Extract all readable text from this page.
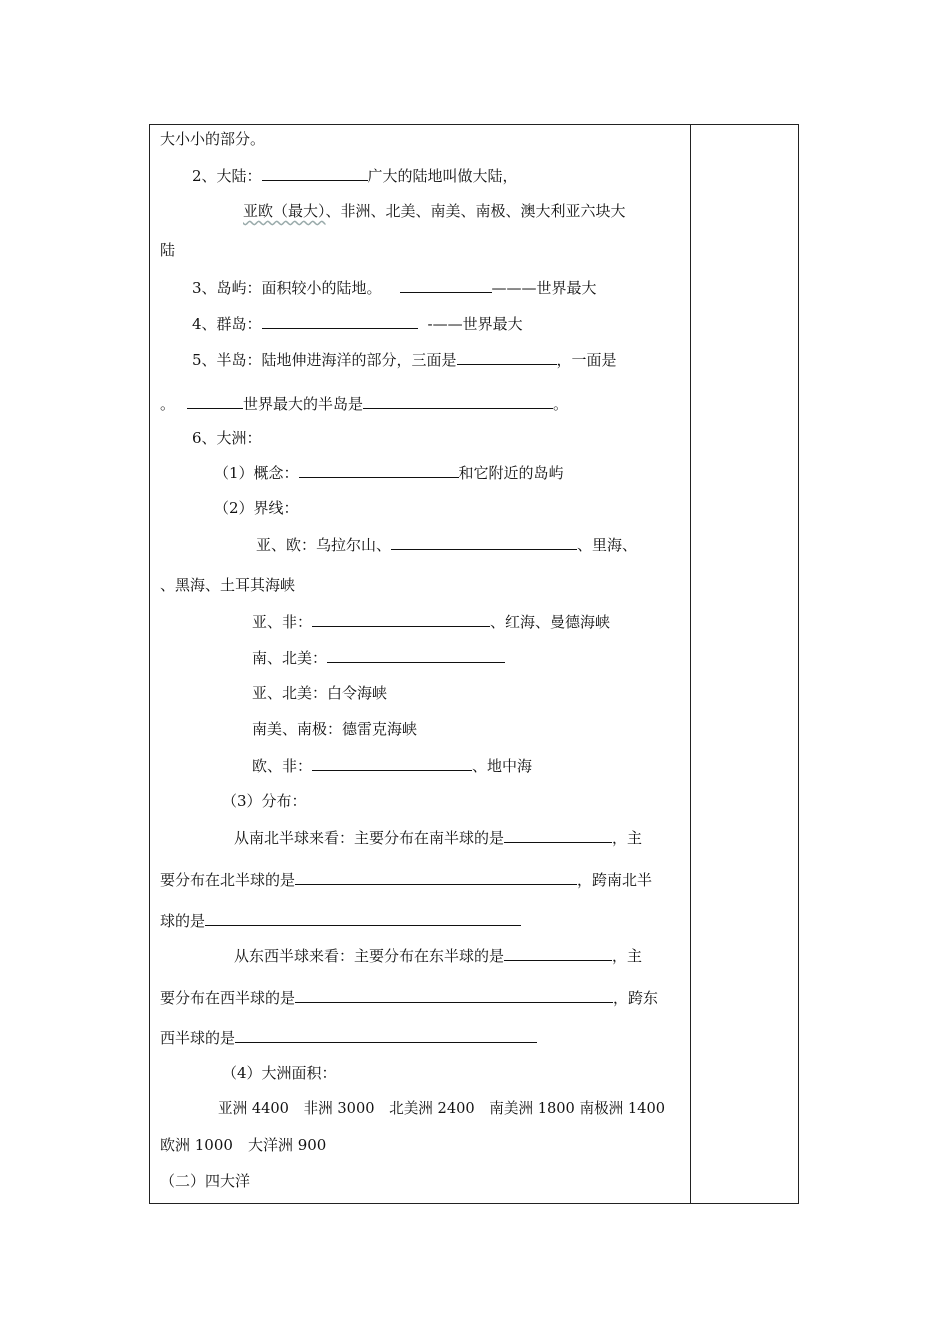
大小小的部分。
2、大陆：	广大的陆地叫做大陆，
亚欧（最大）、非洲、北美、南美、南极、澳大利亚六块大
陆
3、岛屿：面积较小的陆地。	———世界最大
4、群岛：	-——世界最大
5、半岛：陆地伸进海洋的部分，三面是	，一面是
。	世界最大的半岛是	。
6、大洲：
（1）概念：	和它附近的岛屿
（2）界线：
亚、欧：乌拉尔山、	、里海、
、黑海、土耳其海峡
亚、非：	、红海、曼德海峡
南、北美：
亚、北美：白令海峡
南美、南极：德雷克海峡
欧、非：	、地中海
（3）分布：
从南北半球来看：主要分布在南半球的是	，主
要分布在北半球的是	，跨南北半
球的是
从东西半球来看：主要分布在东半球的是	，主
要分布在西半球的是	，跨东
西半球的是
（4）大洲面积：
亚洲 4400　非洲 3000　北美洲 2400　南美洲 1800 南极洲 1400
欧洲 1000　大洋洲 900
（二）四大洋
